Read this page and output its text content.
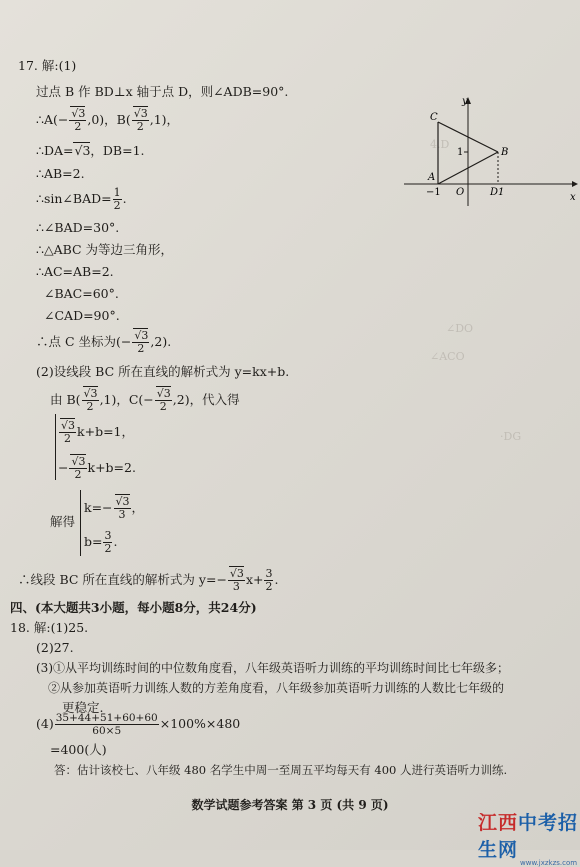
4.D
∠DO
·DG
∠ACO
17. 解:(1)
过点 B 作 BD⊥x 轴于点 D，则∠ADB=90°.
∴A(− $\frac{√3}{2} ,0$)，$B( \frac{√3}{2} ,1)$，
∴DA=√3，DB=1.
∴AB=2.
∴sin∠BAD= $\frac{1}{2}$ .
∴∠BAD=30°.
∴△ABC 为等边三角形，
∴AC=AB=2.
∠BAC=60°.
∠CAD=90°.
∴点 C 坐标为(− $\frac{√3}{2} ,2$).
(2)设线段 BC 所在直线的解析式为 y=kx+b.
由 $B( \frac{√3}{2} ,1)$，$C(- \frac{√3}{2} ,2)$，代入得
$\frac{√3}{2} k+b=1$，
− $\frac{√3}{2} k+b=2$.
解得
$k=- \frac{√3}{3}$ ，
$b= \frac{3}{2}$ .
∴线段 BC 所在直线的解析式为 $y=- \frac{√3}{3} x+ \frac{3}{2}$ .
y
x
C
B
A
O
−1
1
D1
四、(本大题共3小题，每小题8分，共24分)
18. 解:(1)25.
(2)27.
(3)①从平均训练时间的中位数角度看，八年级英语听力训练的平均训练时间比七年级多；
②从参加英语听力训练人数的方差角度看，八年级参加英语听力训练的人数比七年级的
更稳定.
$(4) \frac{35+44+51+60+60}{60\times 5} \times 100\%\times 480$
=400(人)
答：估计该校七、八年级 480 名学生中周一至周五平均每天有 400 人进行英语听力训练.
数学试题参考答案 第 3 页 (共 9 页)
江西中考招生网
www.jxzkzs.com
